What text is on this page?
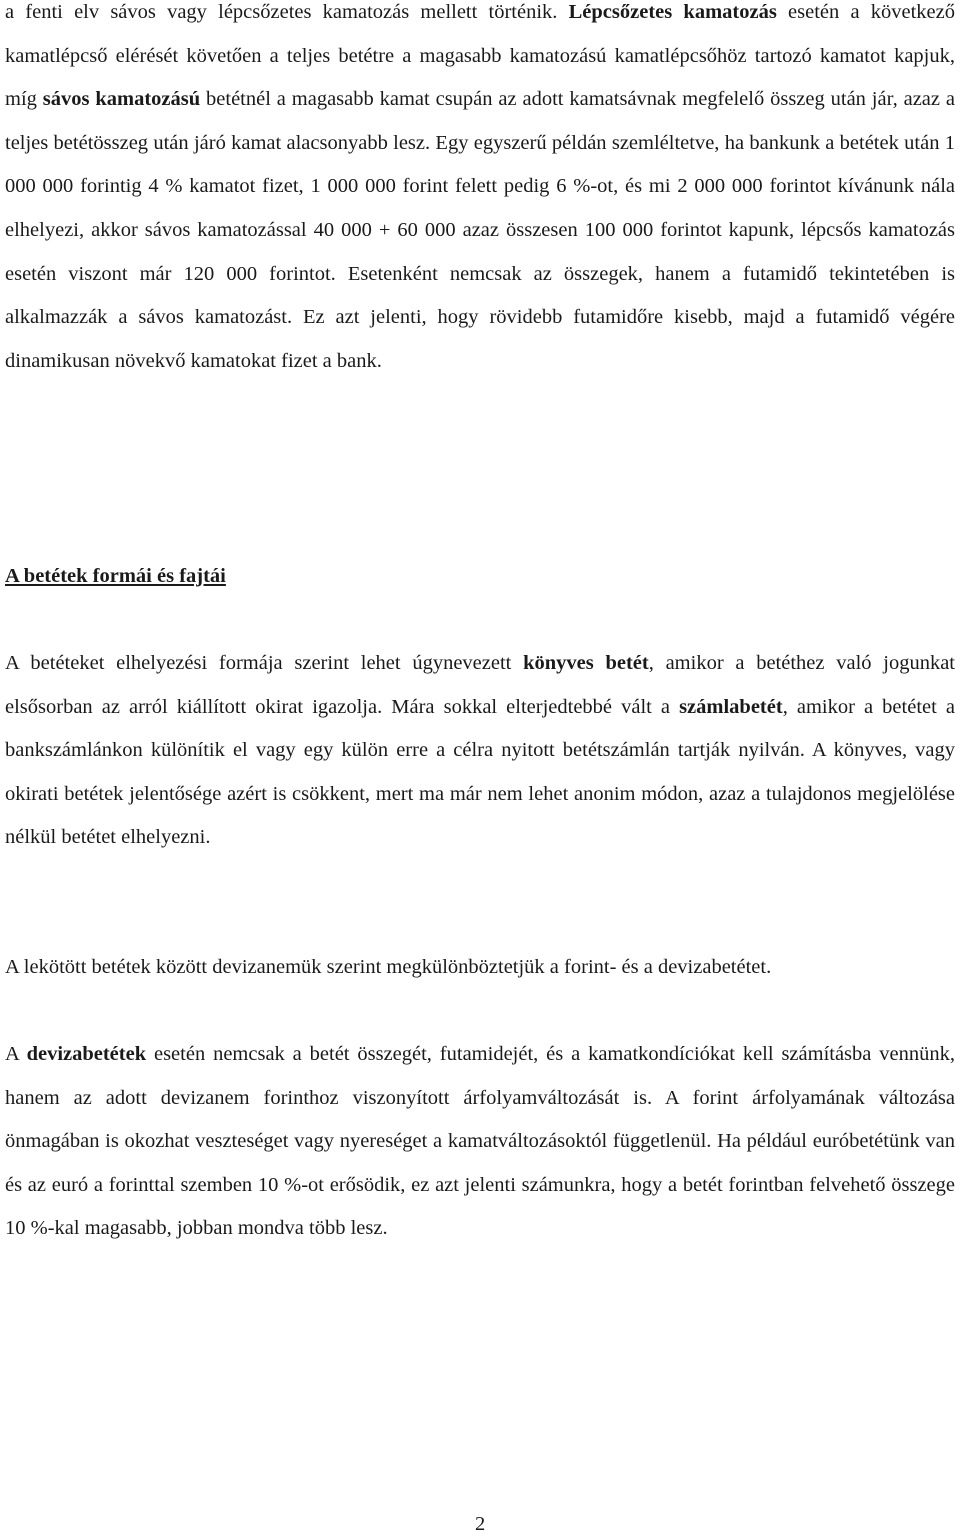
a fenti elv sávos vagy lépcsőzetes kamatozás mellett történik. Lépcsőzetes kamatozás esetén a következő kamatlépcső elérését követően a teljes betétre a magasabb kamatozású kamatlépcsőhöz tartozó kamatot kapjuk, míg sávos kamatozású betétnél a magasabb kamat csupán az adott kamatsávnak megfelelő összeg után jár, azaz a teljes betétösszeg után járó kamat alacsonyabb lesz. Egy egyszerű példán szemléltetve, ha bankunk a betétek után 1 000 000 forintig 4 % kamatot fizet, 1 000 000 forint felett pedig 6 %-ot, és mi 2 000 000 forintot kívánunk nála elhelyezi, akkor sávos kamatozással 40 000 + 60 000 azaz összesen 100 000 forintot kapunk, lépcsős kamatozás esetén viszont már 120 000 forintot. Esetenként nemcsak az összegek, hanem a futamidő tekintetében is alkalmazzák a sávos kamatozást. Ez azt jelenti, hogy rövidebb futamidőre kisebb, majd a futamidő végére dinamikusan növekvő kamatokat fizet a bank.

A betétek formái és fajtái

A betéteket elhelyezési formája szerint lehet úgynevezett könyves betét, amikor a betéthez való jogunkat elsősorban az arról kiállított okirat igazolja. Mára sokkal elterjedtebbé vált a számlabetét, amikor a betétet a bankszámlánkon különítik el vagy egy külön erre a célra nyitott betétszámlán tartják nyilván. A könyves, vagy okirati betétek jelentősége azért is csökkent, mert ma már nem lehet anonim módon, azaz a tulajdonos megjelölése nélkül betétet elhelyezni.

A lekötött betétek között devizanemük szerint megkülönböztetjük a forint- és a devizabetétet.

A devizabetétek esetén nemcsak a betét összegét, futamidejét, és a kamatkondíciókat kell számításba vennünk, hanem az adott devizanem forinthoz viszonyított árfolyamváltozását is. A forint árfolyamának változása önmagában is okozhat veszteséget vagy nyereséget a kamatváltozásoktól függetlenül. Ha például euróbetétünk van és az euró a forinttal szemben 10 %-ot erősödik, ez azt jelenti számunkra, hogy a betét forintban felvehető összege 10 %-kal magasabb, jobban mondva több lesz.

2
